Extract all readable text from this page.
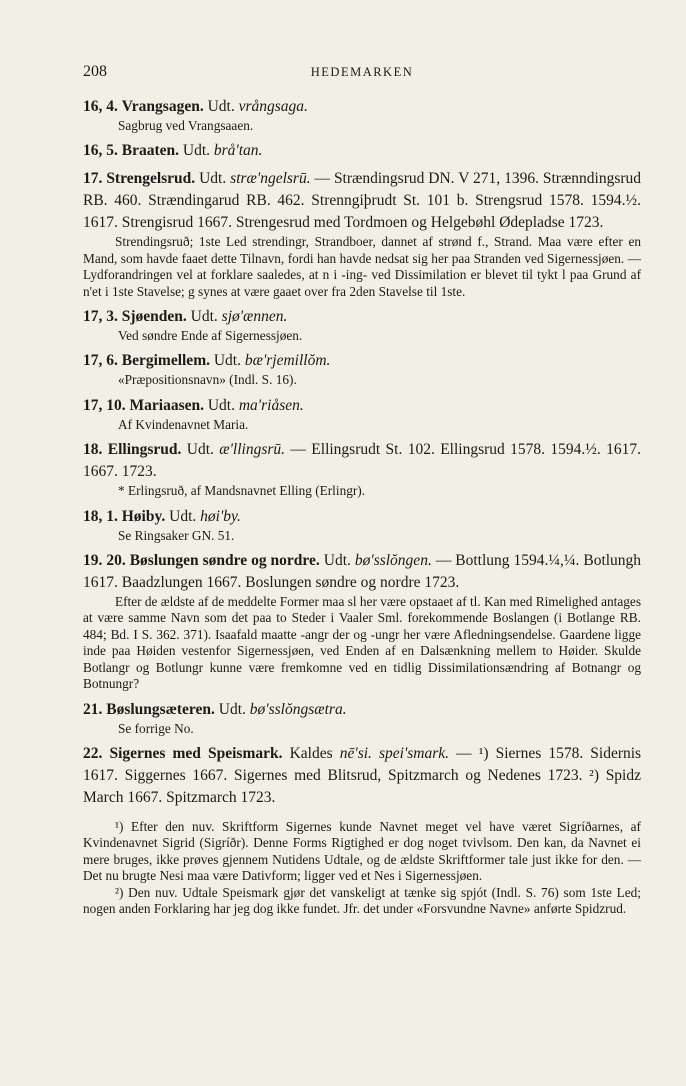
208	HEDEMARKEN
16, 4. Vrangsagen. Udt. vrångsaga.
Sagbrug ved Vrangsaaen.
16, 5. Braaten. Udt. brå'tan.
17. Strengelsrud. Udt. stræ'ngelsrū. — Strændingsrud DN. V 271, 1396. Strænndingsrud RB. 460. Strændingarud RB. 462. Strenngiþrudt St. 101 b. Strengsrud 1578. 1594.½. 1617. Strengisrud 1667. Strengesrud med Tordmoen og Helgebøhl Ødepladse 1723.
Strendingsruð; 1ste Led strendingr, Strandboer, dannet af strønd f., Strand. Maa være efter en Mand, som havde faaet dette Tilnavn, fordi han havde nedsat sig her paa Stranden ved Sigernessjøen. — Lydforandringen vel at forklare saaledes, at n i -ing- ved Dissimilation er blevet til tykt l paa Grund af n'et i 1ste Stavelse; g synes at være gaaet over fra 2den Stavelse til 1ste.
17, 3. Sjøenden. Udt. sjø'ænnen.
Ved søndre Ende af Sigernessjøen.
17, 6. Bergimellem. Udt. bæ'rjemillŏm.
«Præpositionsnavn» (Indl. S. 16).
17, 10. Mariaasen. Udt. ma'riåsen.
Af Kvindenavnet Maria.
18. Ellingsrud. Udt. æ'llingsrū. — Ellingsrudt St. 102. Ellingsrud 1578. 1594.½. 1617. 1667. 1723.
* Erlingsruð, af Mandsnavnet Elling (Erlingr).
18, 1. Høiby. Udt. høi'by.
Se Ringsaker GN. 51.
19. 20. Bøslungen søndre og nordre. Udt. bø'sslŏngen. — Bottlung 1594.¼,¼. Botlungh 1617. Baadzlungen 1667. Boslungen søndre og nordre 1723.
Efter de ældste af de meddelte Former maa sl her være opstaaet af tl. Kan med Rimelighed antages at være samme Navn som det paa to Steder i Vaaler Sml. forekommende Boslangen (i Botlange RB. 484; Bd. I S. 362. 371). Isaafald maatte -angr der og -ungr her være Afledningsendelse. Gaardene ligge inde paa Høiden vestenfor Sigernessjøen, ved Enden af en Dalsænkning mellem to Høider. Skulde Botlangr og Botlungr kunne være fremkomne ved en tidlig Dissimilationsændring af Botnangr og Botnungr?
21. Bøslungsæteren. Udt. bø'sslŏngsætra.
Se forrige No.
22. Sigernes med Speismark. Kaldes nē'si. spei'smark. — ¹) Siernes 1578. Sidernis 1617. Siggernes 1667. Sigernes med Blitsrud, Spitzmarch og Nedenes 1723. ²) Spidz March 1667. Spitzmarch 1723.
¹) Efter den nuv. Skriftform Sigernes kunde Navnet meget vel have været Sigríðarnes, af Kvindenavnet Sigrid (Sigríðr). Denne Forms Rigtighed er dog noget tvivlsom. Den kan, da Navnet ei mere bruges, ikke prøves gjennem Nutidens Udtale, og de ældste Skriftformer tale just ikke for den. — Det nu brugte Nesi maa være Dativform; ligger ved et Nes i Sigernessjøen.
²) Den nuv. Udtale Speismark gjør det vanskeligt at tænke sig spjót (Indl. S. 76) som 1ste Led; nogen anden Forklaring har jeg dog ikke fundet. Jfr. det under «Forsvundne Navne» anførte Spidzrud.
